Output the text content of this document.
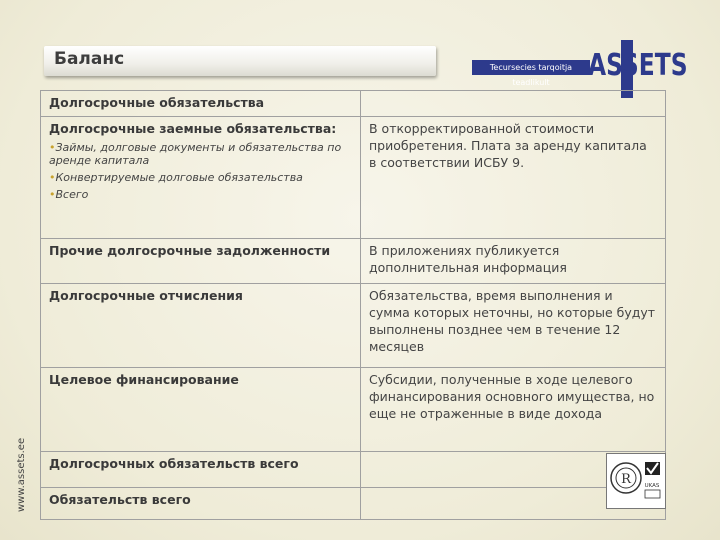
Баланс	Tecursecies tarqoitja teadlikult	ASSETS
www.assets.ee
Долгосрочные обязательства	

Долгосрочные заемные обязательства:
•Займы, долговые документы и обязательства по аренде капитала
•Конвертируемые долговые обязательства
•Всего	В откорректированной стоимости приобретения. Плата за аренду капитала в соответствии ИСБУ 9.
Прочие долгосрочные задолженности	В приложениях публикуется дополнительная информация
Долгосрочные отчисления	Обязательства, время выполнения и сумма которых неточны, но которые будут выполнены позднее чем в течение 12 месяцев
Целевое финансирование	Субсидии, полученные в ходе целевого финансирования основного имущества, но еще не отраженные в виде дохода
Долгосрочных обязательств всего	
Обязательств всего	
R UKAS
